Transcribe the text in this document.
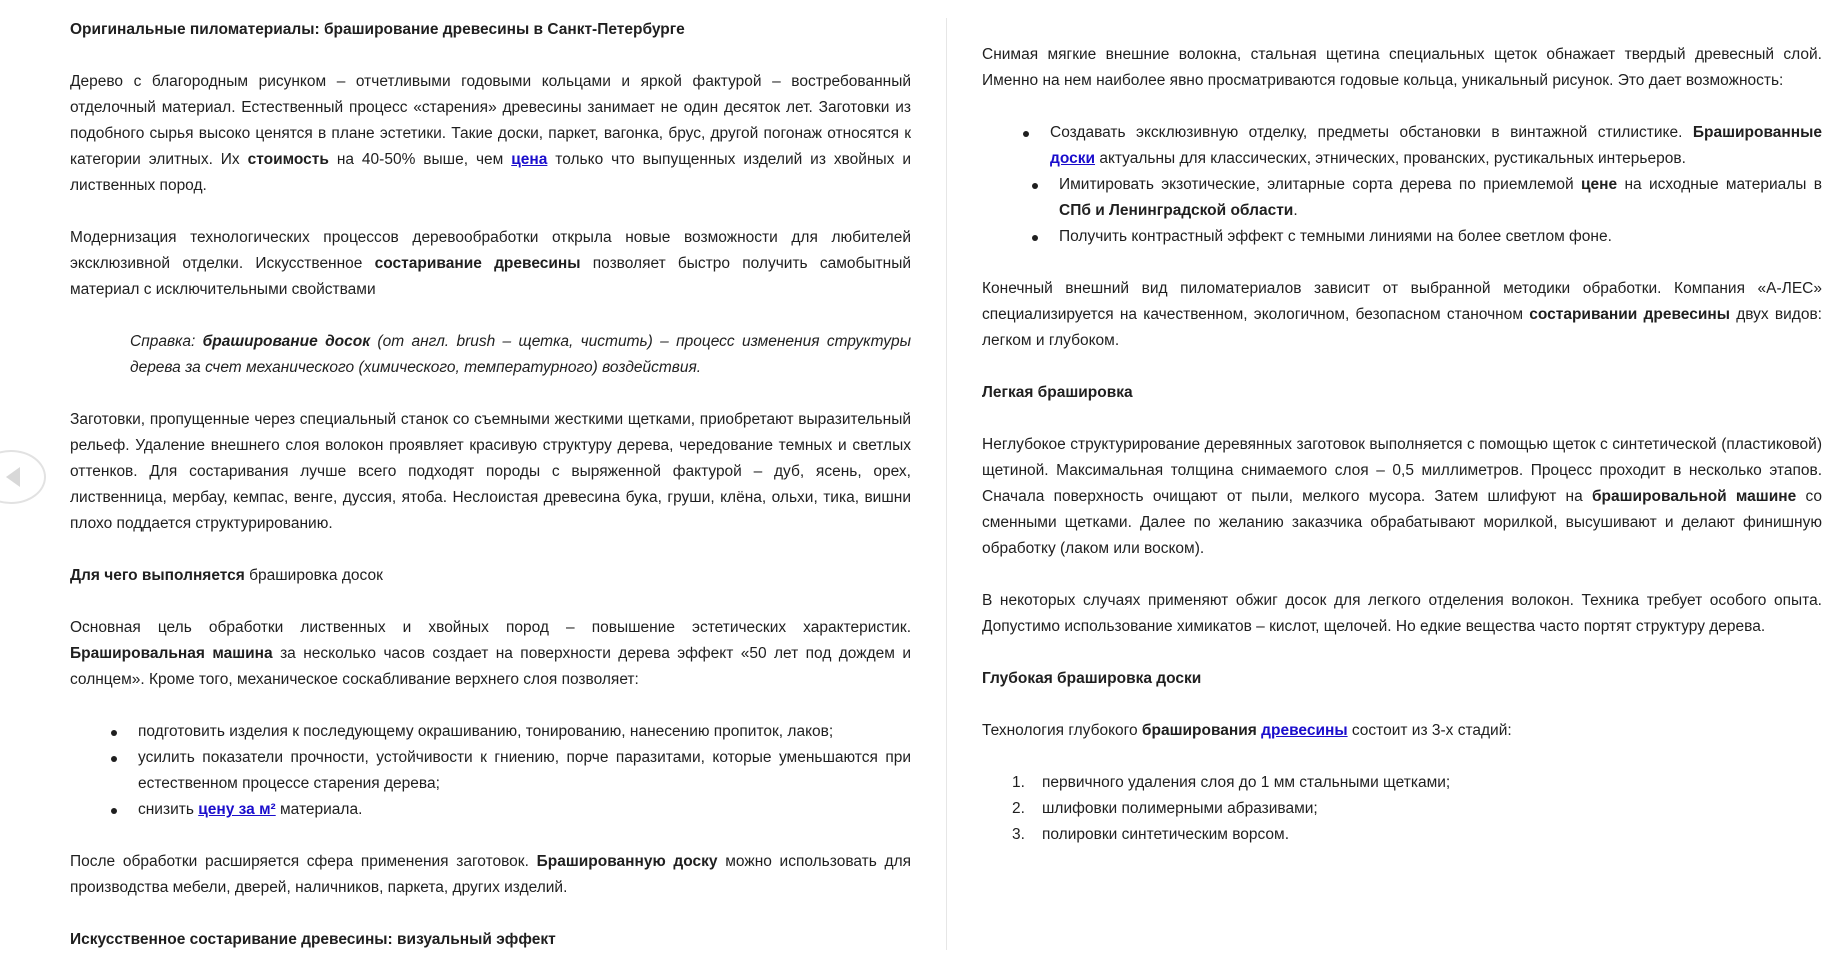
Оригинальные пиломатериалы: браширование древесины в Санкт-Петербурге

Дерево с благородным рисунком – отчетливыми годовыми кольцами и яркой фактурой – востребованный отделочный материал. Естественный процесс «старения» древесины занимает не один десяток лет. Заготовки из подобного сырья высоко ценятся в плане эстетики. Такие доски, паркет, вагонка, брус, другой погонаж относятся к категории элитных. Их стоимость на 40-50% выше, чем цена только что выпущенных изделий из хвойных и лиственных пород.

Модернизация технологических процессов деревообработки открыла новые возможности для любителей эксклюзивной отделки. Искусственное состаривание древесины позволяет быстро получить самобытный материал с исключительными свойствами

Справка: браширование досок (от англ. brush – щетка, чистить) – процесс изменения структуры дерева за счет механического (химического, температурного) воздействия.

Заготовки, пропущенные через специальный станок со съемными жесткими щетками, приобретают выразительный рельеф. Удаление внешнего слоя волокон проявляет красивую структуру дерева, чередование темных и светлых оттенков. Для состаривания лучше всего подходят породы с выряженной фактурой – дуб, ясень, орех, лиственница, мербау, кемпас, венге, дуссия, ятоба. Неслоистая древесина бука, груши, клёна, ольхи, тика, вишни плохо поддается структурированию.

Для чего выполняется брашировка досок

Основная цель обработки лиственных и хвойных пород – повышение эстетических характеристик. Брашировальная машина за несколько часов создает на поверхности дерева эффект «50 лет под дождем и солнцем». Кроме того, механическое соскабливание верхнего слоя позволяет:

подготовить изделия к последующему окрашиванию, тонированию, нанесению пропиток, лаков;
усилить показатели прочности, устойчивости к гниению, порче паразитами, которые уменьшаются при естественном процессе старения дерева;
снизить цену за м² материала.

После обработки расширяется сфера применения заготовок. Брашированную доску можно использовать для производства мебели, дверей, наличников, паркета, других изделий.

Искусственное состаривание древесины: визуальный эффект

Снимая мягкие внешние волокна, стальная щетина специальных щеток обнажает твердый древесный слой. Именно на нем наиболее явно просматриваются годовые кольца, уникальный рисунок. Это дает возможность:

Создавать эксклюзивную отделку, предметы обстановки в винтажной стилистике. Брашированные доски актуальны для классических, этнических, прованских, рустикальных интерьеров.
Имитировать экзотические, элитарные сорта дерева по приемлемой цене на исходные материалы в СПб и Ленинградской области.
Получить контрастный эффект с темными линиями на более светлом фоне.

Конечный внешний вид пиломатериалов зависит от выбранной методики обработки. Компания «А-ЛЕС» специализируется на качественном, экологичном, безопасном станочном состаривании древесины двух видов: легком и глубоком.

Легкая брашировка

Неглубокое структурирование деревянных заготовок выполняется с помощью щеток с синтетической (пластиковой) щетиной. Максимальная толщина снимаемого слоя – 0,5 миллиметров. Процесс проходит в несколько этапов. Сначала поверхность очищают от пыли, мелкого мусора. Затем шлифуют на брашировальной машине со сменными щетками. Далее по желанию заказчика обрабатывают морилкой, высушивают и делают финишную обработку (лаком или воском).

В некоторых случаях применяют обжиг досок для легкого отделения волокон. Техника требует особого опыта. Допустимо использование химикатов – кислот, щелочей. Но едкие вещества часто портят структуру дерева.

Глубокая брашировка доски

Технология глубокого браширования древесины состоит из 3-х стадий:

1. первичного удаления слоя до 1 мм стальными щетками;
2. шлифовки полимерными абразивами;
3. полировки синтетическим ворсом.
